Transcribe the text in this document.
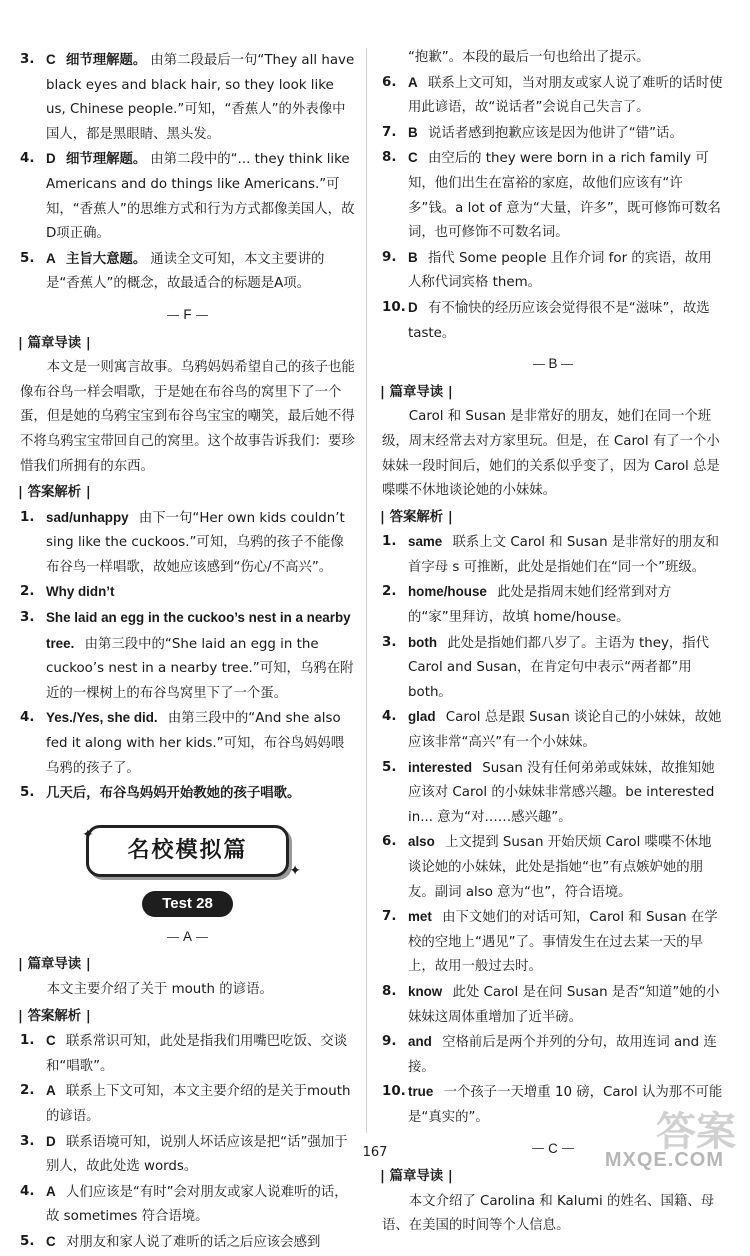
3. C 细节理解题。 由第二段最后一句“They all have black eyes and black hair, so they look like us, Chinese people.”可知，“香蕉人”的外表像中国人，都是黑眼睛、黑头发。
4. D 细节理解题。 由第二段中的“... they think like Americans and do things like Americans.”可知，“香蕉人”的思维方式和行为方式都像美国人，故D项正确。
5. A 主旨大意题。 通读全文可知，本文主要讲的是“香蕉人”的概念，故最适合的标题是A项。
F
| 篇章导读 |

本文是一则寓言故事。乌鸦妈妈希望自己的孩子也能像布谷鸟一样会唱歌，于是她在布谷鸟的窝里下了一个蛋，但是她的乌鸦宝宝到布谷鸟宝宝的嘲笑，最后她不得不将乌鸦宝宝带回自己的窝里。这个故事告诉我们：要珍惜我们所拥有的东西。

| 答案解析 |
1. sad/unhappy 由下一句“Her own kids couldn’t sing like the cuckoos.”可知，乌鸦的孩子不能像布谷鸟一样唱歌，故她应该感到“伤心/不高兴”。
2. Why didn’t
3. She laid an egg in the cuckoo’s nest in a nearby tree. 由第三段中的“She laid an egg in the cuckoo’s nest in a nearby tree.”可知，乌鸦在附近的一棵树上的布谷鸟窝里下了一个蛋。
4. Yes./Yes, she did. 由第三段中的“And she also fed it along with her kids.”可知，布谷鸟妈妈喂乌鸦的孩子了。
5. 几天后，布谷鸟妈妈开始教她的孩子唱歌。
✦
✦
名校模拟篇
Test 28
A
| 篇章导读 |

本文主要介绍了关于 mouth 的谚语。

| 答案解析 |
1. C 联系常识可知，此处是指我们用嘴巴吃饭、交谈和“唱歌”。
2. A 联系上下文可知，本文主要介绍的是关于mouth 的谚语。
3. D 联系语境可知，说别人坏话应该是把“话”强加于别人，故此处选 words。
4. A 人们应该是“有时”会对朋友或家人说难听的话，故 sometimes 符合语境。
5. C 对朋友和家人说了难听的话之后应该会感到

“抱歉”。本段的最后一句也给出了提示。

6. A 联系上文可知，当对朋友或家人说了难听的话时使用此谚语，故“说话者”会说自己失言了。
7. B 说话者感到抱歉应该是因为他讲了“错”话。
8. C 由空后的 they were born in a rich family 可知，他们出生在富裕的家庭，故他们应该有“许多”钱。a lot of 意为“大量，许多”，既可修饰可数名词，也可修饰不可数名词。
9. B 指代 Some people 且作介词 for 的宾语，故用人称代词宾格 them。
10. D 有不愉快的经历应该会觉得很不是“滋味”，故选 taste。
B
| 篇章导读 |

Carol 和 Susan 是非常好的朋友，她们在同一个班级，周末经常去对方家里玩。但是，在 Carol 有了一个小妹妹一段时间后，她们的关系似乎变了，因为 Carol 总是喋喋不休地谈论她的小妹妹。

| 答案解析 |
1. same 联系上文 Carol 和 Susan 是非常好的朋友和首字母 s 可推断，此处是指她们在“同一个”班级。
2. home/house 此处是指周末她们经常到对方的“家”里拜访，故填 home/house。
3. both 此处是指她们都八岁了。主语为 they，指代 Carol and Susan，在肯定句中表示“两者都”用 both。
4. glad Carol 总是跟 Susan 谈论自己的小妹妹，故她应该非常“高兴”有一个小妹妹。
5. interested Susan 没有任何弟弟或妹妹，故推知她应该对 Carol 的小妹妹非常感兴趣。be interested in... 意为“对……感兴趣”。
6. also 上文提到 Susan 开始厌烦 Carol 喋喋不休地谈论她的小妹妹，此处是指她“也”有点嫉妒她的朋友。副词 also 意为“也”，符合语境。
7. met 由下文她们的对话可知，Carol 和 Susan 在学校的空地上“遇见”了。事情发生在过去某一天的早上，故用一般过去时。
8. know 此处 Carol 是在问 Susan 是否“知道”她的小妹妹这周体重增加了近半磅。
9. and 空格前后是两个并列的分句，故用连词 and 连接。
10. true 一个孩子一天增重 10 磅，Carol 认为那不可能是“真实的”。
C
| 篇章导读 |

本文介绍了 Carolina 和 Kalumi 的姓名、国籍、母语、在美国的时间等个人信息。

167	答案
MXQE.COM
